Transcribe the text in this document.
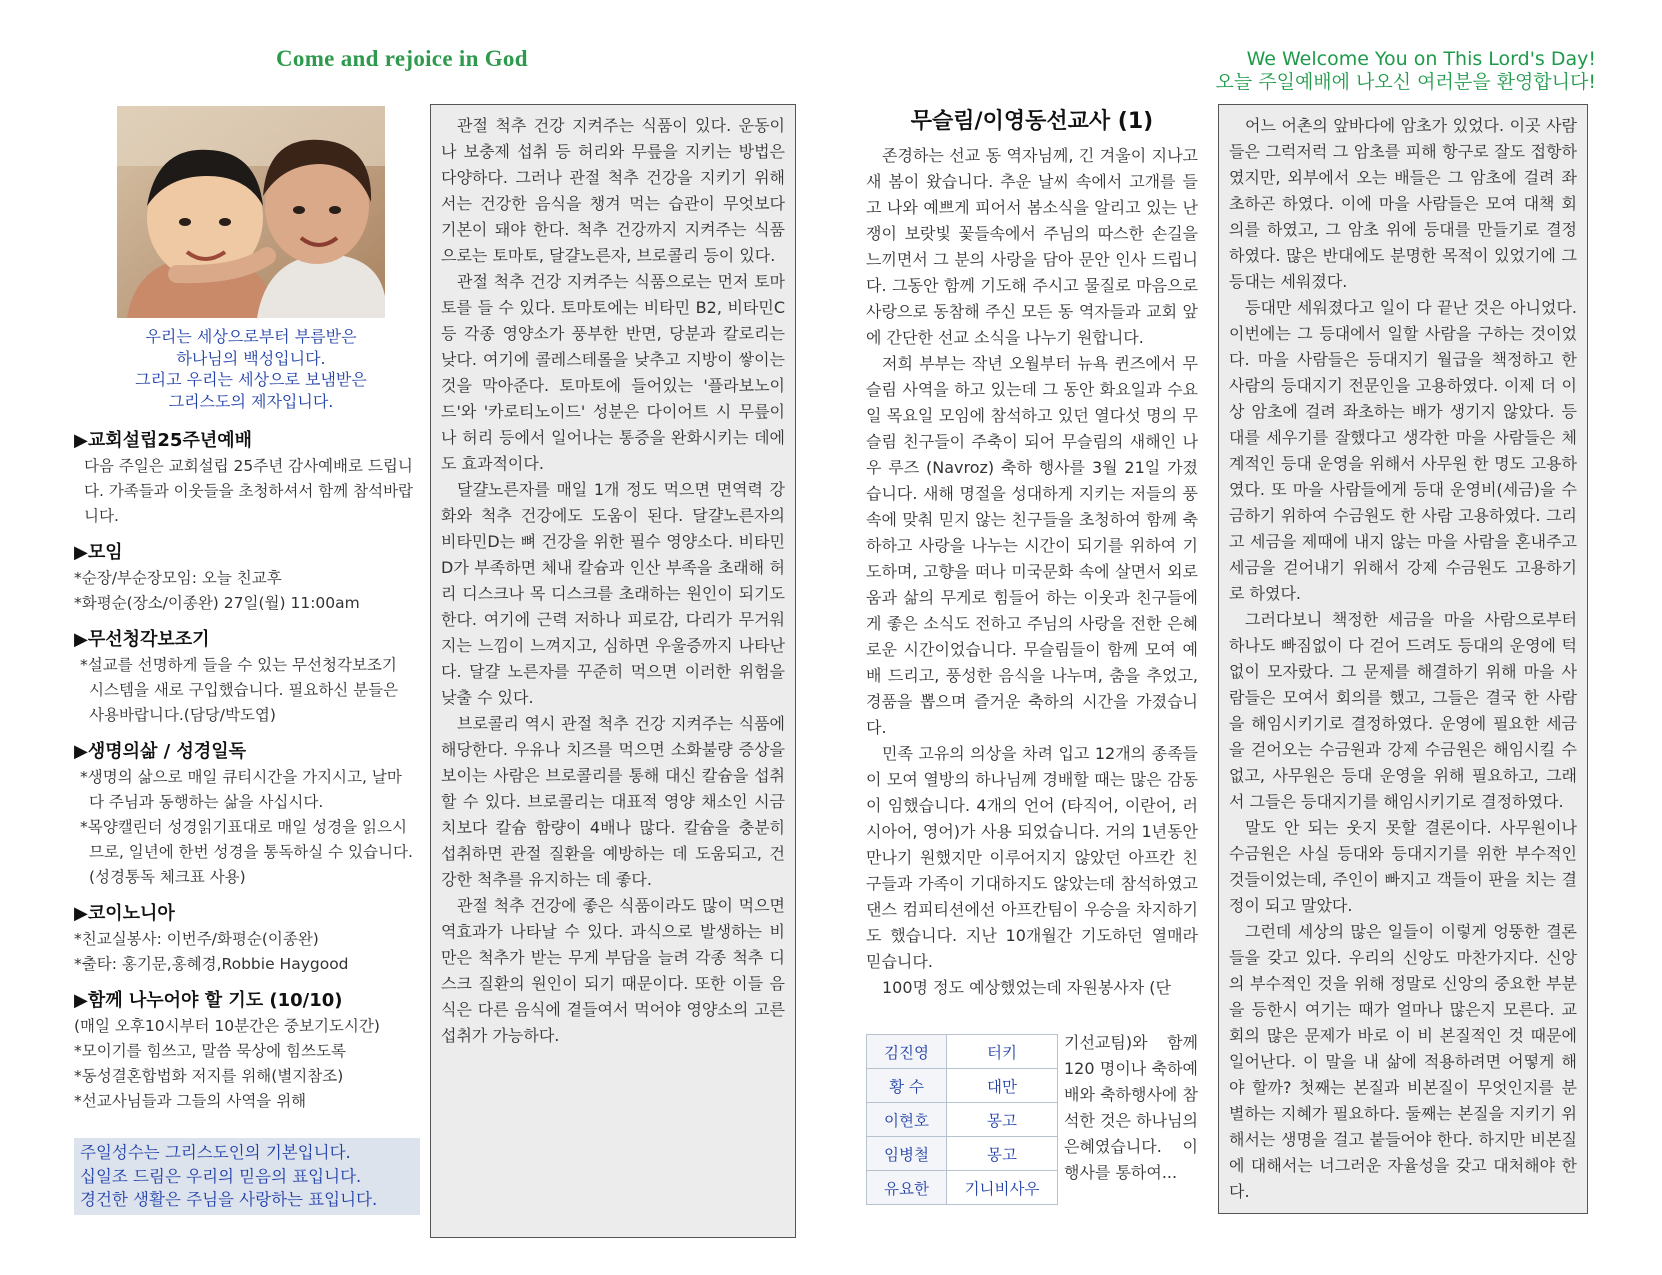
Come and rejoice in God	We Welcome You on This Lord's Day!
오늘 주일예배에 나오신 여러분을 환영합니다!
우리는 세상으로부터 부름받은
하나님의 백성입니다.
그리고 우리는 세상으로 보냄받은
그리스도의 제자입니다.
▶교회설립25주년예배
다음 주일은 교회설립 25주년 감사예배로 드립니다. 가족들과 이웃들을 초청하셔서 함께 참석바랍니다.
▶모임
*순장/부순장모임: 오늘 친교후
*화평순(장소/이종완) 27일(월) 11:00am
▶무선청각보조기
*설교를 선명하게 들을 수 있는 무선청각보조기 시스템을 새로 구입했습니다. 필요하신 분들은 사용바랍니다.(담당/박도엽)
▶생명의삶 / 성경일독
*생명의 삶으로 매일 큐티시간을 가지시고, 날마다 주님과 동행하는 삶을 사십시다.
*목양캘린더 성경읽기표대로 매일 성경을 읽으시므로, 일년에 한번 성경을 통독하실 수 있습니다. (성경통독 체크표 사용)
▶코이노니아
*친교실봉사: 이번주/화평순(이종완)
*출타: 홍기문,홍혜경,Robbie Haygood
▶함께 나누어야 할 기도 (10/10)
(매일 오후10시부터 10분간은 중보기도시간)
*모이기를 힘쓰고, 말씀 묵상에 힘쓰도록
*동성결혼합법화 저지를 위해(별지참조)
*선교사님들과 그들의 사역을 위해
주일성수는 그리스도인의 기본입니다.
십일조 드림은 우리의 믿음의 표입니다.
경건한 생활은 주님을 사랑하는 표입니다.

관절 척추 건강 지켜주는 식품이 있다. 운동이나 보충제 섭취 등 허리와 무릎을 지키는 방법은 다양하다. 그러나 관절 척추 건강을 지키기 위해서는 건강한 음식을 챙겨 먹는 습관이 무엇보다 기본이 돼야 한다. 척추 건강까지 지켜주는 식품으로는 토마토, 달걀노른자, 브로콜리 등이 있다.

관절 척추 건강 지켜주는 식품으로는 먼저 토마토를 들 수 있다. 토마토에는 비타민 B2, 비타민C 등 각종 영양소가 풍부한 반면, 당분과 칼로리는 낮다. 여기에 콜레스테롤을 낮추고 지방이 쌓이는 것을 막아준다. 토마토에 들어있는 '플라보노이드'와 '카로티노이드' 성분은 다이어트 시 무릎이나 허리 등에서 일어나는 통증을 완화시키는 데에도 효과적이다.

달걀노른자를 매일 1개 정도 먹으면 면역력 강화와 척추 건강에도 도움이 된다. 달걀노른자의 비타민D는 뼈 건강을 위한 필수 영양소다. 비타민D가 부족하면 체내 칼슘과 인산 부족을 초래해 허리 디스크나 목 디스크를 초래하는 원인이 되기도 한다. 여기에 근력 저하나 피로감, 다리가 무거워지는 느낌이 느껴지고, 심하면 우울증까지 나타난다. 달걀 노른자를 꾸준히 먹으면 이러한 위험을 낮출 수 있다.

브로콜리 역시 관절 척추 건강 지켜주는 식품에 해당한다. 우유나 치즈를 먹으면 소화불량 증상을 보이는 사람은 브로콜리를 통해 대신 칼슘을 섭취할 수 있다. 브로콜리는 대표적 영양 채소인 시금치보다 칼슘 함량이 4배나 많다. 칼슘을 충분히 섭취하면 관절 질환을 예방하는 데 도움되고, 건강한 척추를 유지하는 데 좋다.

관절 척추 건강에 좋은 식품이라도 많이 먹으면 역효과가 나타날 수 있다. 과식으로 발생하는 비만은 척추가 받는 무게 부담을 늘려 각종 척추 디스크 질환의 원인이 되기 때문이다. 또한 이들 음식은 다른 음식에 곁들여서 먹어야 영양소의 고른 섭취가 가능하다.

무슬림/이영동선교사 (1)

존경하는 선교 동 역자님께, 긴 겨울이 지나고 새 봄이 왔습니다. 추운 날씨 속에서 고개를 들고 나와 예쁘게 피어서 봄소식을 알리고 있는 난쟁이 보랏빛 꽃들속에서 주님의 따스한 손길을 느끼면서 그 분의 사랑을 담아 문안 인사 드립니다. 그동안 함께 기도해 주시고 물질로 마음으로 사랑으로 동참해 주신 모든 동 역자들과 교회 앞에 간단한 선교 소식을 나누기 원합니다.

저희 부부는 작년 오월부터 뉴욕 퀸즈에서 무슬림 사역을 하고 있는데 그 동안 화요일과 수요일 목요일 모임에 참석하고 있던 열다섯 명의 무슬림 친구들이 주축이 되어 무슬림의 새해인 나우 루즈 (Navroz) 축하 행사를 3월 21일 가졌습니다. 새해 명절을 성대하게 지키는 저들의 풍속에 맞춰 믿지 않는 친구들을 초청하여 함께 축하하고 사랑을 나누는 시간이 되기를 위하여 기도하며, 고향을 떠나 미국문화 속에 살면서 외로움과 삶의 무게로 힘들어 하는 이웃과 친구들에게 좋은 소식도 전하고 주님의 사랑을 전한 은혜로운 시간이었습니다. 무슬림들이 함께 모여 예배 드리고, 풍성한 음식을 나누며, 춤을 추었고, 경품을 뽑으며 즐거운 축하의 시간을 가졌습니다.

민족 고유의 의상을 차려 입고 12개의 종족들이 모여 열방의 하나님께 경배할 때는 많은 감동이 임했습니다. 4개의 언어 (타직어, 이란어, 러시아어, 영어)가 사용 되었습니다. 거의 1년동안 만나기 원했지만 이루어지지 않았던 아프칸 친구들과 가족이 기대하지도 않았는데 참석하였고 댄스 컴피티션에선 아프칸팀이 우승을 차지하기도 했습니다. 지난 10개월간 기도하던 열매라 믿습니다.

100명 정도 예상했었는데 자원봉사자 (단

김진영	터키
황 수	대만
이현호	몽고
임병철	몽고
유요한	기니비사우
기선교팀)와 함께 120 명이나 축하예배와 축하행사에 참석한 것은 하나님의 은혜였습니다. 이 행사를 통하여...

어느 어촌의 앞바다에 암초가 있었다. 이곳 사람들은 그럭저럭 그 암초를 피해 항구로 잘도 접항하였지만, 외부에서 오는 배들은 그 암초에 걸려 좌초하곤 하였다. 이에 마을 사람들은 모여 대책 회의를 하였고, 그 암초 위에 등대를 만들기로 결정하였다. 많은 반대에도 분명한 목적이 있었기에 그 등대는 세워졌다.

등대만 세워졌다고 일이 다 끝난 것은 아니었다. 이번에는 그 등대에서 일할 사람을 구하는 것이었다. 마을 사람들은 등대지기 월급을 책정하고 한 사람의 등대지기 전문인을 고용하였다. 이제 더 이상 암초에 걸려 좌초하는 배가 생기지 않았다. 등대를 세우기를 잘했다고 생각한 마을 사람들은 체계적인 등대 운영을 위해서 사무원 한 명도 고용하였다. 또 마을 사람들에게 등대 운영비(세금)을 수금하기 위하여 수금원도 한 사람 고용하였다. 그리고 세금을 제때에 내지 않는 마을 사람을 혼내주고 세금을 걷어내기 위해서 강제 수금원도 고용하기로 하였다.

그러다보니 책정한 세금을 마을 사람으로부터 하나도 빠짐없이 다 걷어 드려도 등대의 운영에 턱없이 모자랐다. 그 문제를 해결하기 위해 마을 사람들은 모여서 회의를 했고, 그들은 결국 한 사람을 해임시키기로 결정하였다. 운영에 필요한 세금을 걷어오는 수금원과 강제 수금원은 해임시킬 수 없고, 사무원은 등대 운영을 위해 필요하고, 그래서 그들은 등대지기를 해임시키기로 결정하였다.

말도 안 되는 웃지 못할 결론이다. 사무원이나 수금원은 사실 등대와 등대지기를 위한 부수적인 것들이었는데, 주인이 빠지고 객들이 판을 치는 결정이 되고 말았다.

그런데 세상의 많은 일들이 이렇게 엉뚱한 결론들을 갖고 있다. 우리의 신앙도 마찬가지다. 신앙의 부수적인 것을 위해 정말로 신앙의 중요한 부분을 등한시 여기는 때가 얼마나 많은지 모른다. 교회의 많은 문제가 바로 이 비 본질적인 것 때문에 일어난다. 이 말을 내 삶에 적용하려면 어떻게 해야 할까? 첫째는 본질과 비본질이 무엇인지를 분별하는 지혜가 필요하다. 둘째는 본질을 지키기 위해서는 생명을 걸고 붙들어야 한다. 하지만 비본질에 대해서는 너그러운 자율성을 갖고 대처해야 한다.
